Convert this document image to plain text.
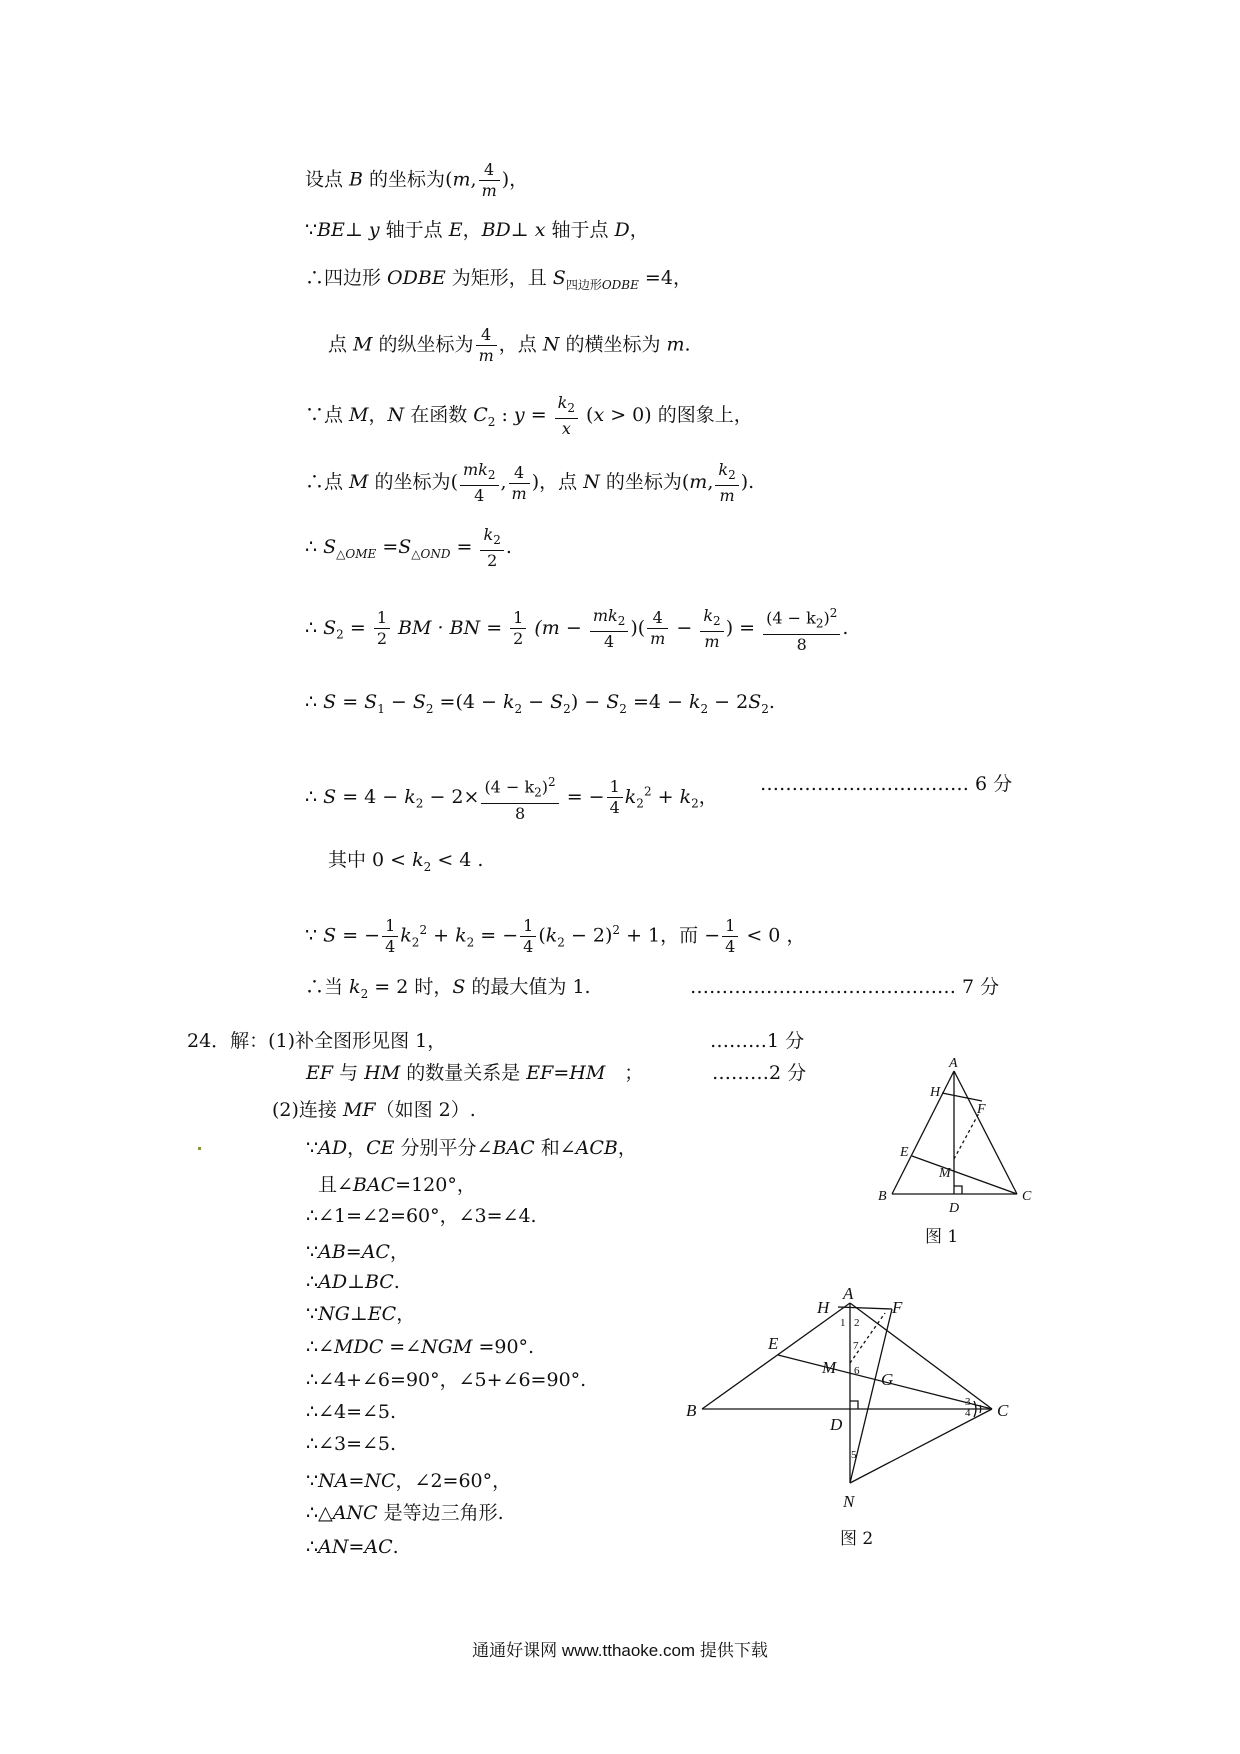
设点 B 的坐标为(m, $\frac{4}{m}$ )，
∵BE⊥ y 轴于点 E，BD⊥ x 轴于点 D，
∴四边形 ODBE 为矩形，且 $S_{四边形ODBE} =4$，
点 M 的纵坐标为 $\frac{4}{m}$ ，点 N 的横坐标为 m.
∵点 M，N 在函数 $C_2$ : $y = \frac{k_2}{x} (x > 0)$ 的图象上，
∴点 M 的坐标为( $\frac{mk_2}{4}$ , $\frac{4}{m}$ )，点 N 的坐标为(m, $\frac{k_2}{m}$ ).
∴ $S_{\triangle OME} =S_{\triangle OND} = \frac{k_2}{2}$ .
∴ $S_2 = \frac{1}{2}$ BM · BN = $\frac{1}{2} (m - \frac{mk_2}{4}$ )( $\frac{4}{m} - \frac{k_2}{m}$ ) = $\frac{(4 - k_2)^2}{8}$ .
∴ $S = S_1 - S_2 =(4 - k_2 - S_2) - S_2 =4 - k_2 - 2S_2$.
∴ $S = 4 - k_2 - 2\times \frac{(4 - k_2)^2}{8}$ = − $\frac{1}{4} k_2^2 + k_2$，
…………………………… 6 分
其中 $0 < k_2 < 4$ .
∵ S = − $\frac{1}{4} k_2^2 + k_2$ = − $\frac{1}{4} (k_2 - 2)^2 + 1$，而 − $\frac{1}{4} < 0$ ，
∴当 $k_2 = 2$ 时，S 的最大值为 1.	…………………………………… 7 分
24．解：(1)补全图形见图 1，	………1 分
EF 与 HM 的数量关系是 EF=HM　；	………2 分
(2)连接 MF（如图 2）.
∵AD，CE 分别平分∠BAC 和∠ACB，
且∠BAC=120°，
∴∠1=∠2=60°，∠3=∠4.
∵AB=AC，
∴AD⊥BC.
∵NG⊥EC，
∴∠MDC =∠NGM =90°.
∴∠4+∠6=90°，∠5+∠6=90°.
∴∠4=∠5.
∴∠3=∠5.
∵NA=NC，∠2=60°，
∴△ANC 是等边三角形.
∴AN=AC.
A
H
F
E
M
B
D
C
图 1
A
H	F
E
M
G
B
D
C
N
1 2
7
6
3
4
5
图 2
通通好课网 www.tthaoke.com 提供下载
